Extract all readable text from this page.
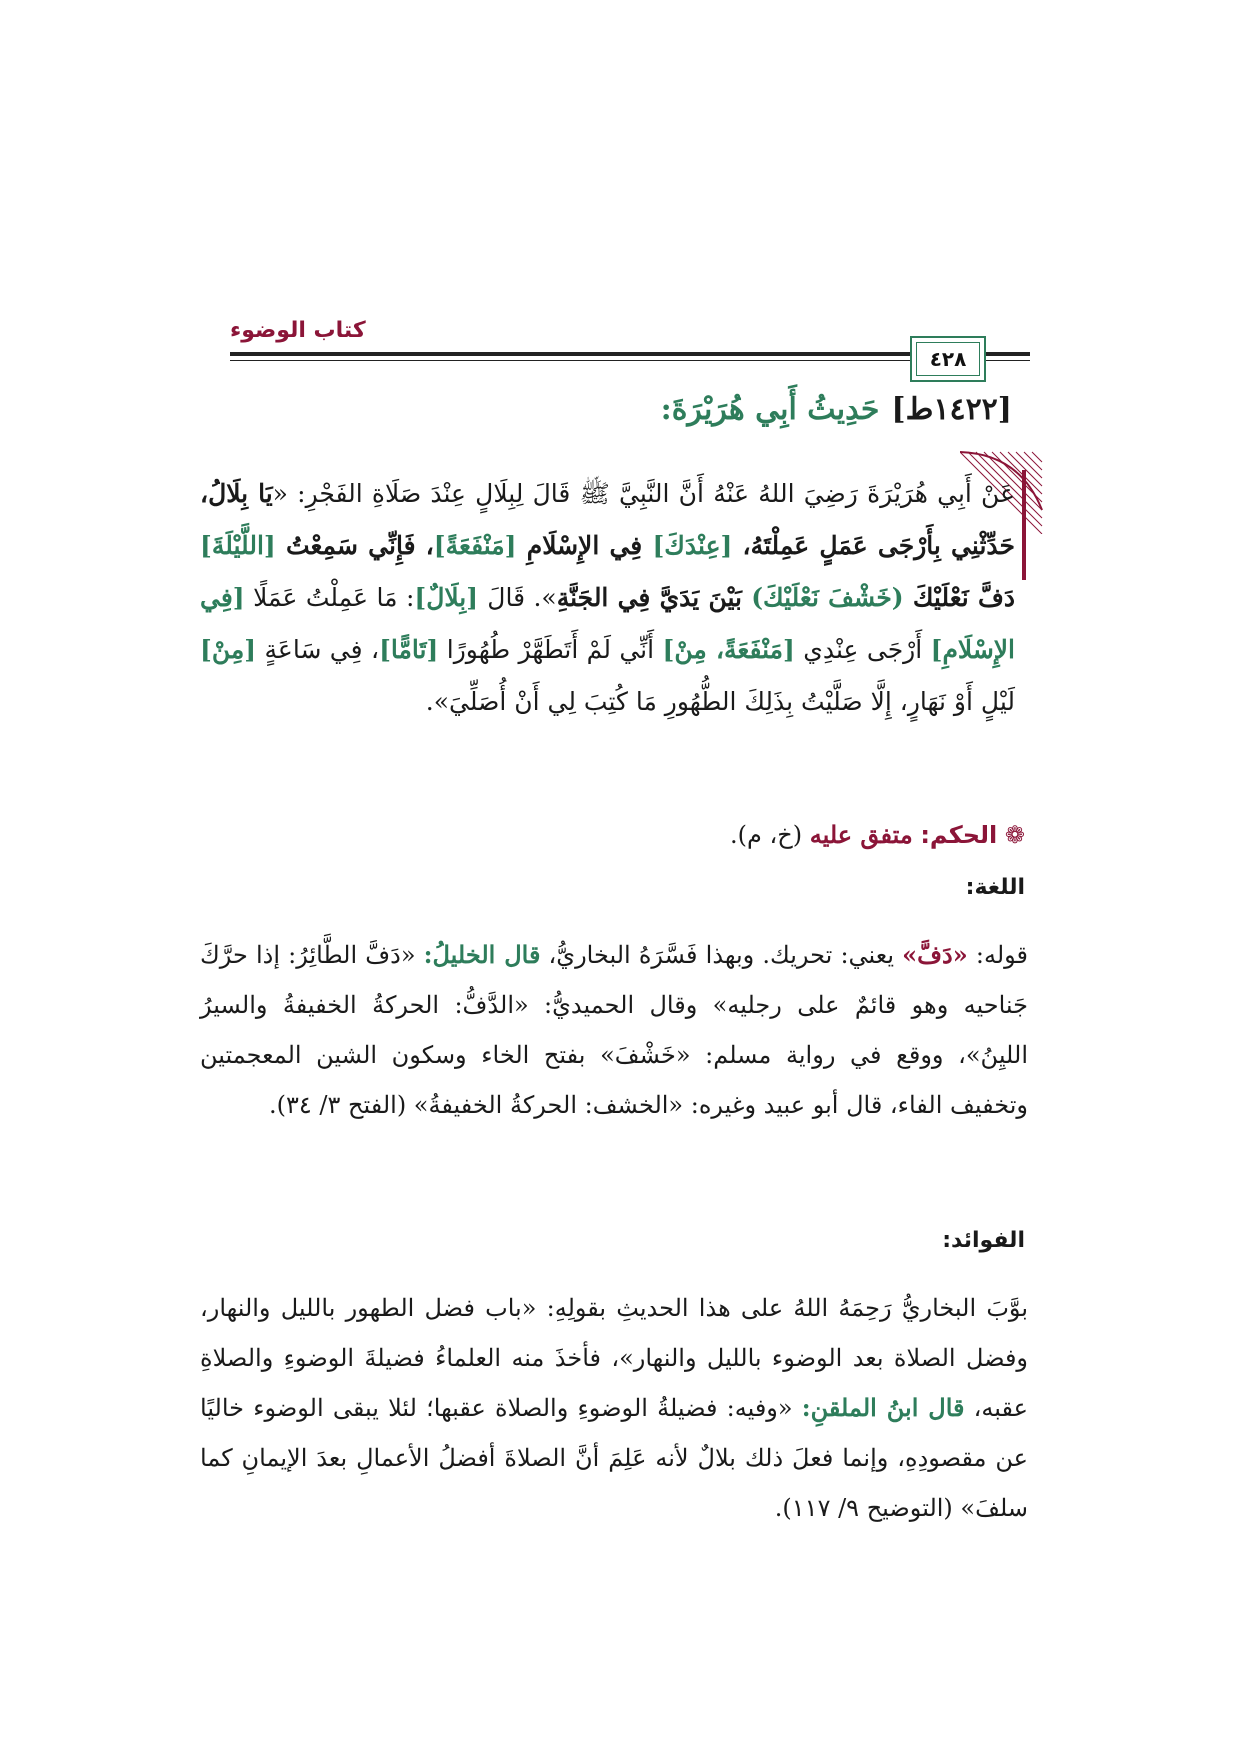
كتاب الوضوء
٤٢٨
[١٤٢٢ط]حَدِيثُ أَبِي هُرَيْرَةَ:
عَنْ أَبِي هُرَيْرَةَ رَضِيَ اللهُ عَنْهُ أَنَّ النَّبِيَّ ﷺ قَالَ لِبِلَالٍ عِنْدَ صَلَاةِ الفَجْرِ: «يَا بِلَالُ، حَدِّثْنِي بِأَرْجَى عَمَلٍ عَمِلْتَهُ، [عِنْدَكَ] فِي الإِسْلَامِ [مَنْفَعَةً]، فَإِنِّي سَمِعْتُ [اللَّيْلَةَ] دَفَّ نَعْلَيْكَ (خَشْفَ نَعْلَيْكَ) بَيْنَ يَدَيَّ فِي الجَنَّةِ». قَالَ [بِلَالٌ]: مَا عَمِلْتُ عَمَلًا [فِي الإِسْلَامِ] أَرْجَى عِنْدِي [مَنْفَعَةً، مِنْ] أَنِّي لَمْ أَتَطَهَّرْ طُهُورًا [تَامًّا]، فِي سَاعَةٍ [مِنْ] لَيْلٍ أَوْ نَهَارٍ، إِلَّا صَلَّيْتُ بِذَلِكَ الطُّهُورِ مَا كُتِبَ لِي أَنْ أُصَلِّيَ».
❁ الحكم: متفق عليه (خ، م).
اللغة:
قوله: «دَفَّ» يعني: تحريك. وبهذا فَسَّرَهُ البخاريُّ، قال الخليلُ: «دَفَّ الطَّائِرُ: إذا حرَّكَ جَناحيه وهو قائمٌ على رجليه» وقال الحميديُّ: «الدَّفُّ: الحركةُ الخفيفةُ والسيرُ الليِنُ»، ووقع في رواية مسلم: «خَشْفَ» بفتح الخاء وسكون الشين المعجمتين وتخفيف الفاء، قال أبو عبيد وغيره: «الخشف: الحركةُ الخفيفةُ» (الفتح ٣/ ٣٤).
الفوائد:
بوَّبَ البخاريُّ رَحِمَهُ اللهُ على هذا الحديثِ بقولِهِ: «باب فضل الطهور بالليل والنهار، وفضل الصلاة بعد الوضوء بالليل والنهار»، فأخذَ منه العلماءُ فضيلةَ الوضوءِ والصلاةِ عقبه، قال ابنُ الملقنِ: «وفيه: فضيلةُ الوضوءِ والصلاة عقبها؛ لئلا يبقى الوضوء خاليًا عن مقصودِهِ، وإنما فعلَ ذلك بلالٌ لأنه عَلِمَ أنَّ الصلاةَ أفضلُ الأعمالِ بعدَ الإيمانِ كما سلفَ» (التوضيح ٩/ ١١٧).
